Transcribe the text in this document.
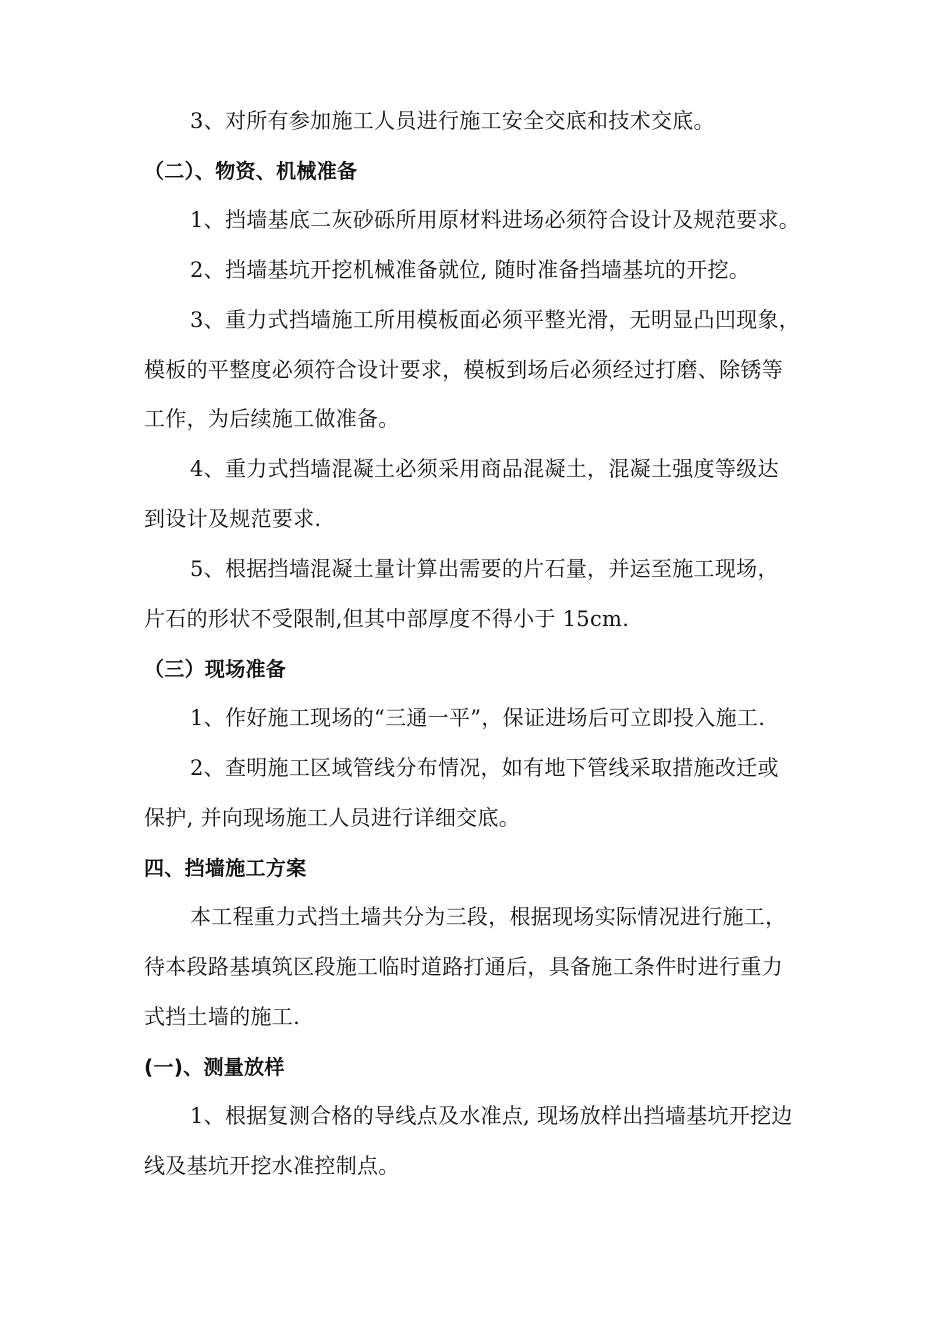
3、对所有参加施工人员进行施工安全交底和技术交底。
（二）、物资、机械准备
1、挡墙基底二灰砂砾所用原材料进场必须符合设计及规范要求。
2、挡墙基坑开挖机械准备就位, 随时准备挡墙基坑的开挖。
3、重力式挡墙施工所用模板面必须平整光滑，无明显凸凹现象，
模板的平整度必须符合设计要求，模板到场后必须经过打磨、除锈等
工作，为后续施工做准备。
4、重力式挡墙混凝土必须采用商品混凝土，混凝土强度等级达
到设计及规范要求.
5、根据挡墙混凝土量计算出需要的片石量，并运至施工现场，
片石的形状不受限制,但其中部厚度不得小于 15cm.
（三）现场准备
1、作好施工现场的“三通一平”，保证进场后可立即投入施工.
2、查明施工区域管线分布情况，如有地下管线采取措施改迁或
保护, 并向现场施工人员进行详细交底。
四、挡墙施工方案
本工程重力式挡土墙共分为三段，根据现场实际情况进行施工，
待本段路基填筑区段施工临时道路打通后，具备施工条件时进行重力
式挡土墙的施工.
(一)、测量放样
1、根据复测合格的导线点及水准点, 现场放样出挡墙基坑开挖边
线及基坑开挖水准控制点。
